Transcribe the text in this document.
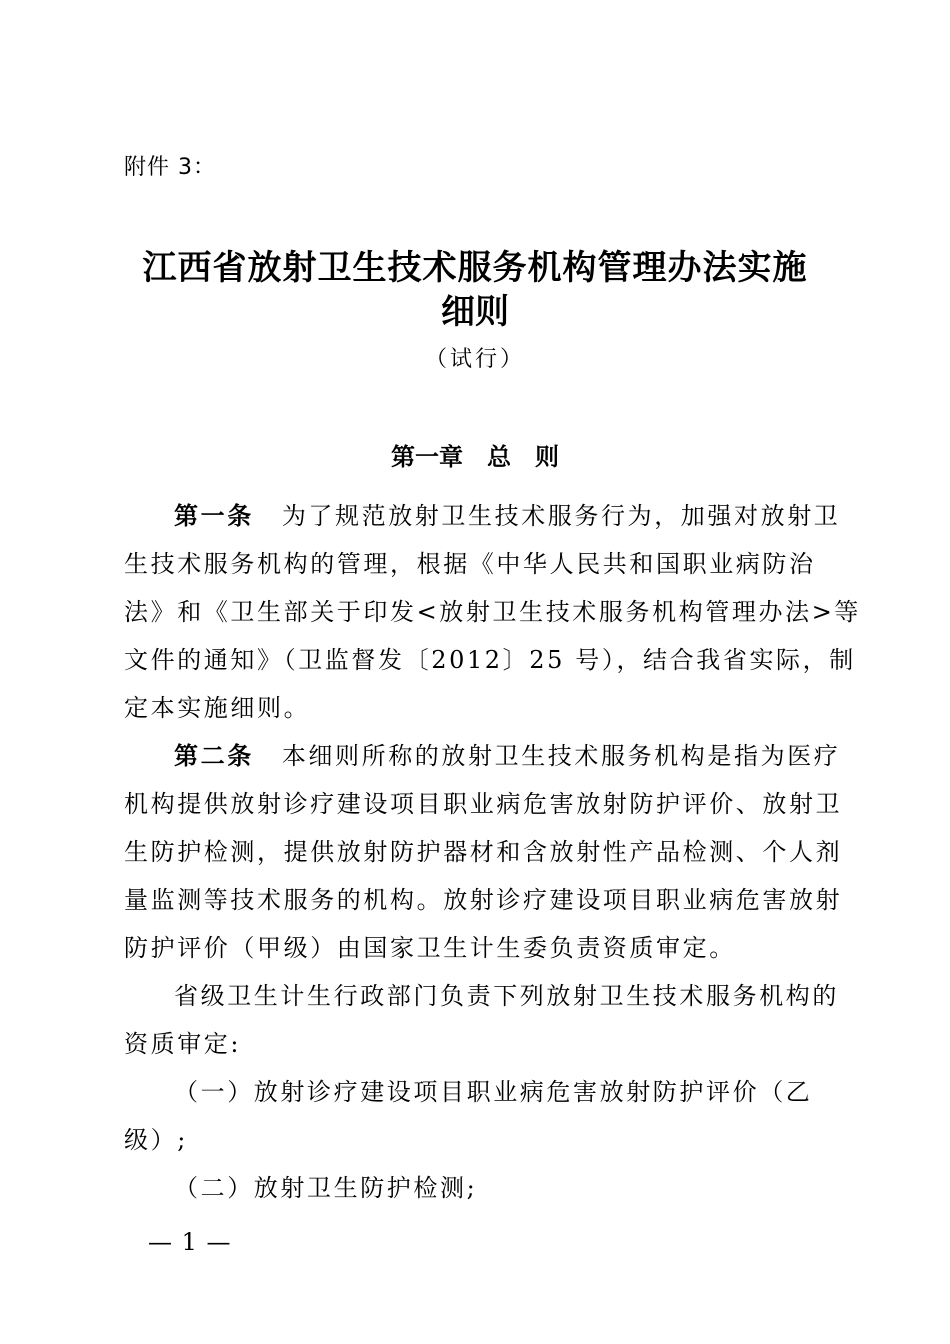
附件 3：
江西省放射卫生技术服务机构管理办法实施
细则
（试行）
第一章　总　则
第一条 为了规范放射卫生技术服务行为，加强对放射卫
生技术服务机构的管理，根据《中华人民共和国职业病防治
法》和《卫生部关于印发<放射卫生技术服务机构管理办法>等
文件的通知》（卫监督发〔2012〕25 号），结合我省实际，制
定本实施细则。
第二条 本细则所称的放射卫生技术服务机构是指为医疗
机构提供放射诊疗建设项目职业病危害放射防护评价、放射卫
生防护检测，提供放射防护器材和含放射性产品检测、个人剂
量监测等技术服务的机构。放射诊疗建设项目职业病危害放射
防护评价（甲级）由国家卫生计生委负责资质审定。
省级卫生计生行政部门负责下列放射卫生技术服务机构的
资质审定:
（一）放射诊疗建设项目职业病危害放射防护评价（乙
级）;
（二）放射卫生防护检测;
— 1 —
